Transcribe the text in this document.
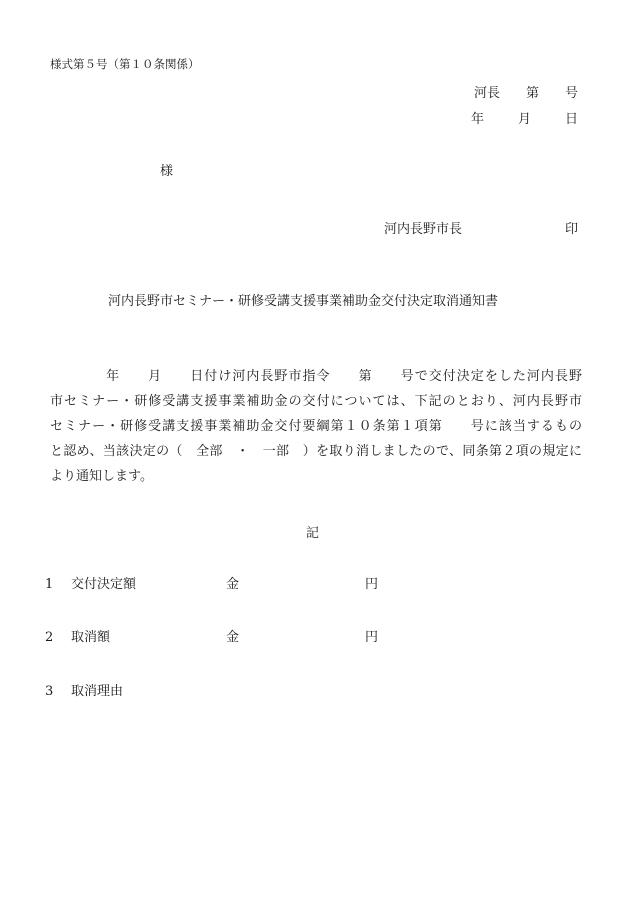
様式第５号（第１０条関係）
河長 第 号
年	月	日
様
河内長野市長	印
河内長野市セミナー・研修受講支援事業補助金交付決定取消通知書
　　　　年　　月　　日付け河内長野市指令　　第　　号で交付決定をした河内長野
市セミナー・研修受講支援事業補助金の交付については、下記のとおり、河内長野市
セミナー・研修受講支援事業補助金交付要綱第１０条第１項第　　号に該当するもの
と認め、当該決定の（　全部　・　一部　）を取り消しましたので、同条第２項の規定に
より通知します。
記
1 交付決定額	金	円
2 取消額	金	円
3 取消理由
